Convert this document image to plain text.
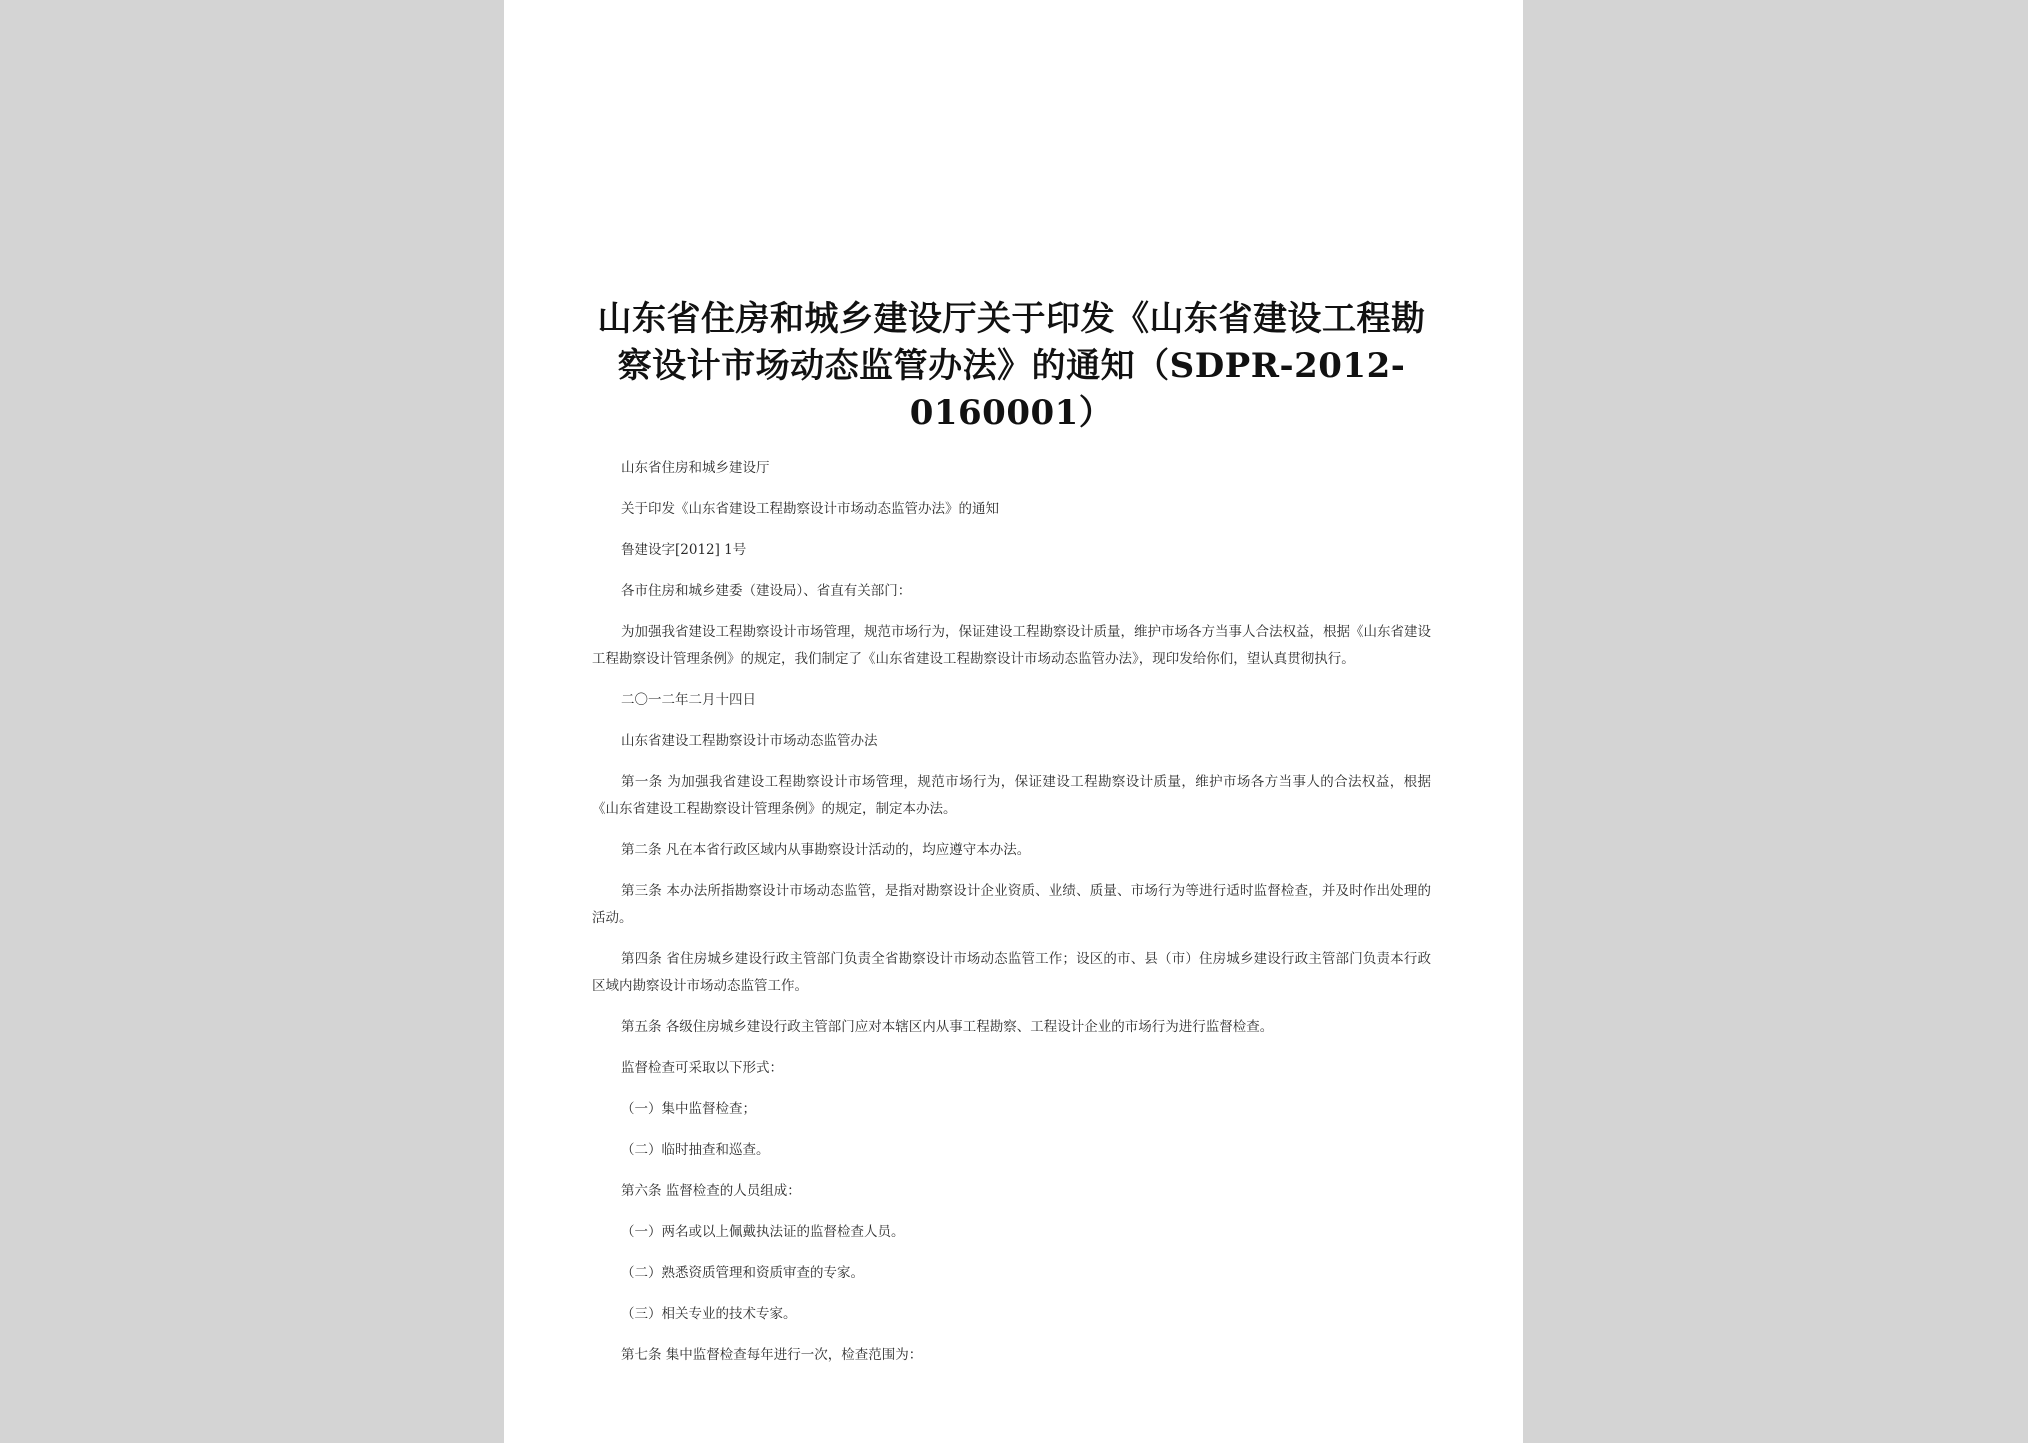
山东省住房和城乡建设厅关于印发《山东省建设工程勘察设计市场动态监管办法》的通知（SDPR-2012-0160001）

山东省住房和城乡建设厅

关于印发《山东省建设工程勘察设计市场动态监管办法》的通知

鲁建设字[2012] 1号

各市住房和城乡建委（建设局）、省直有关部门：

为加强我省建设工程勘察设计市场管理，规范市场行为，保证建设工程勘察设计质量，维护市场各方当事人合法权益，根据《山东省建设工程勘察设计管理条例》的规定，我们制定了《山东省建设工程勘察设计市场动态监管办法》，现印发给你们，望认真贯彻执行。

二〇一二年二月十四日

山东省建设工程勘察设计市场动态监管办法

第一条 为加强我省建设工程勘察设计市场管理，规范市场行为，保证建设工程勘察设计质量，维护市场各方当事人的合法权益，根据《山东省建设工程勘察设计管理条例》的规定，制定本办法。

第二条 凡在本省行政区域内从事勘察设计活动的，均应遵守本办法。

第三条 本办法所指勘察设计市场动态监管，是指对勘察设计企业资质、业绩、质量、市场行为等进行适时监督检查，并及时作出处理的活动。

第四条 省住房城乡建设行政主管部门负责全省勘察设计市场动态监管工作；设区的市、县（市）住房城乡建设行政主管部门负责本行政区域内勘察设计市场动态监管工作。

第五条 各级住房城乡建设行政主管部门应对本辖区内从事工程勘察、工程设计企业的市场行为进行监督检查。

监督检查可采取以下形式：

（一）集中监督检查；

（二）临时抽查和巡查。

第六条 监督检查的人员组成：

（一）两名或以上佩戴执法证的监督检查人员。

（二）熟悉资质管理和资质审查的专家。

（三）相关专业的技术专家。

第七条 集中监督检查每年进行一次，检查范围为：
